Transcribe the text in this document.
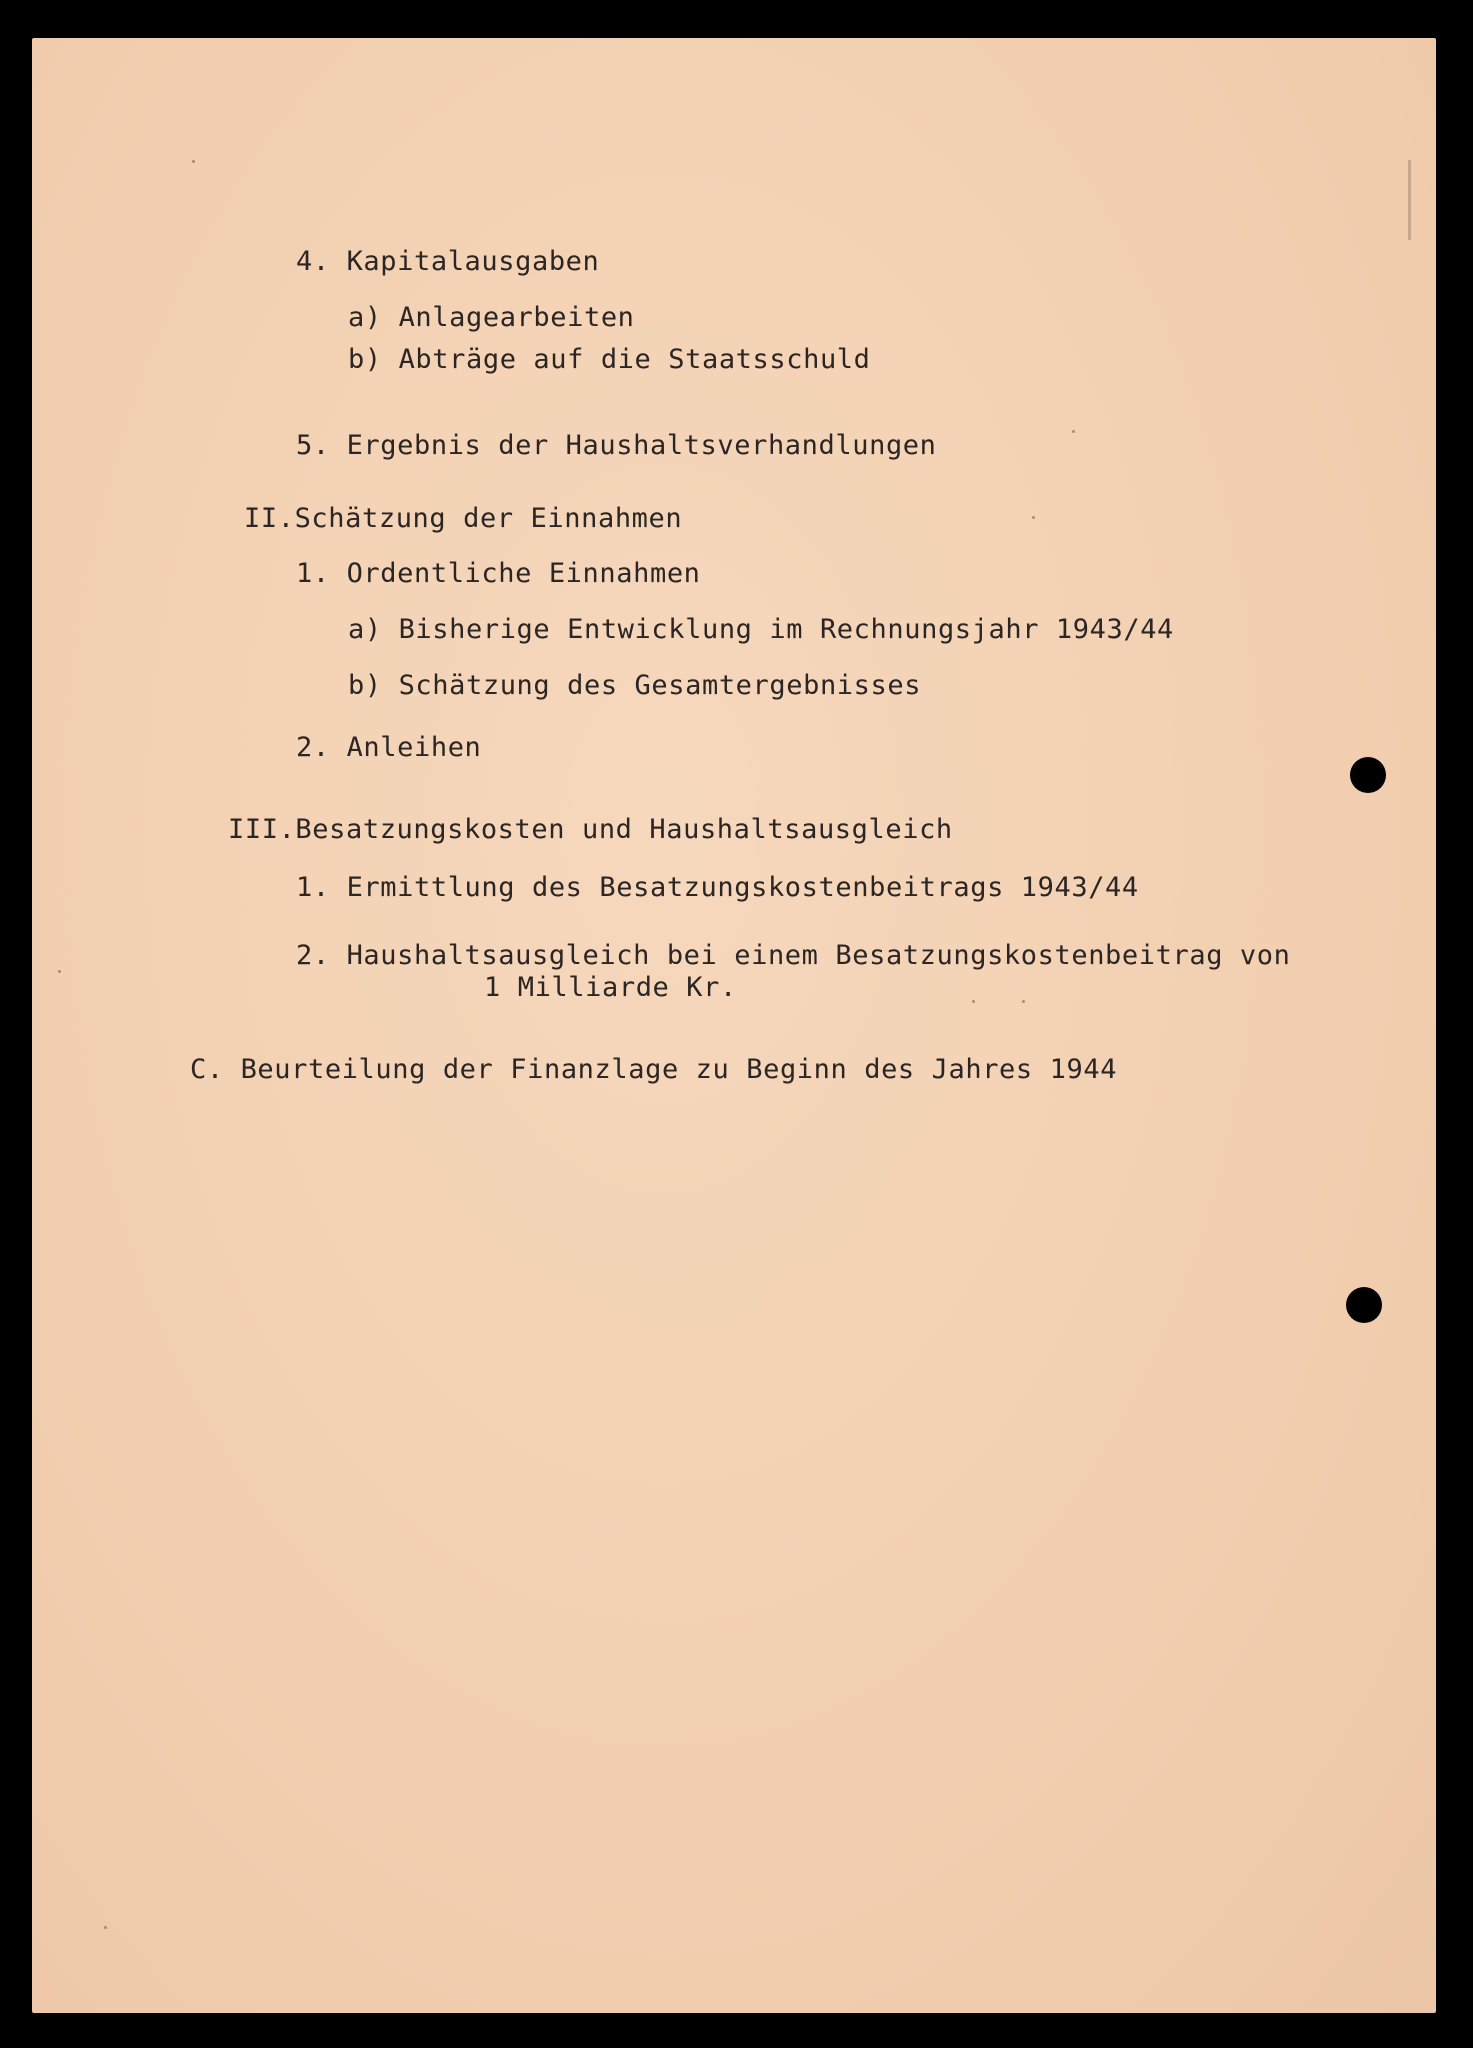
4. Kapitalausgaben

a) Anlagearbeiten

b) Abträge auf die Staatsschuld

5. Ergebnis der Haushaltsverhandlungen

II.Schätzung der Einnahmen

1. Ordentliche Einnahmen

a) Bisherige Entwicklung im Rechnungsjahr 1943/44

b) Schätzung des Gesamtergebnisses

2. Anleihen

III.Besatzungskosten und Haushaltsausgleich

1. Ermittlung des Besatzungskostenbeitrags 1943/44

2. Haushaltsausgleich bei einem Besatzungskostenbeitrag von

1 Milliarde Kr.

C. Beurteilung der Finanzlage zu Beginn des Jahres 1944
